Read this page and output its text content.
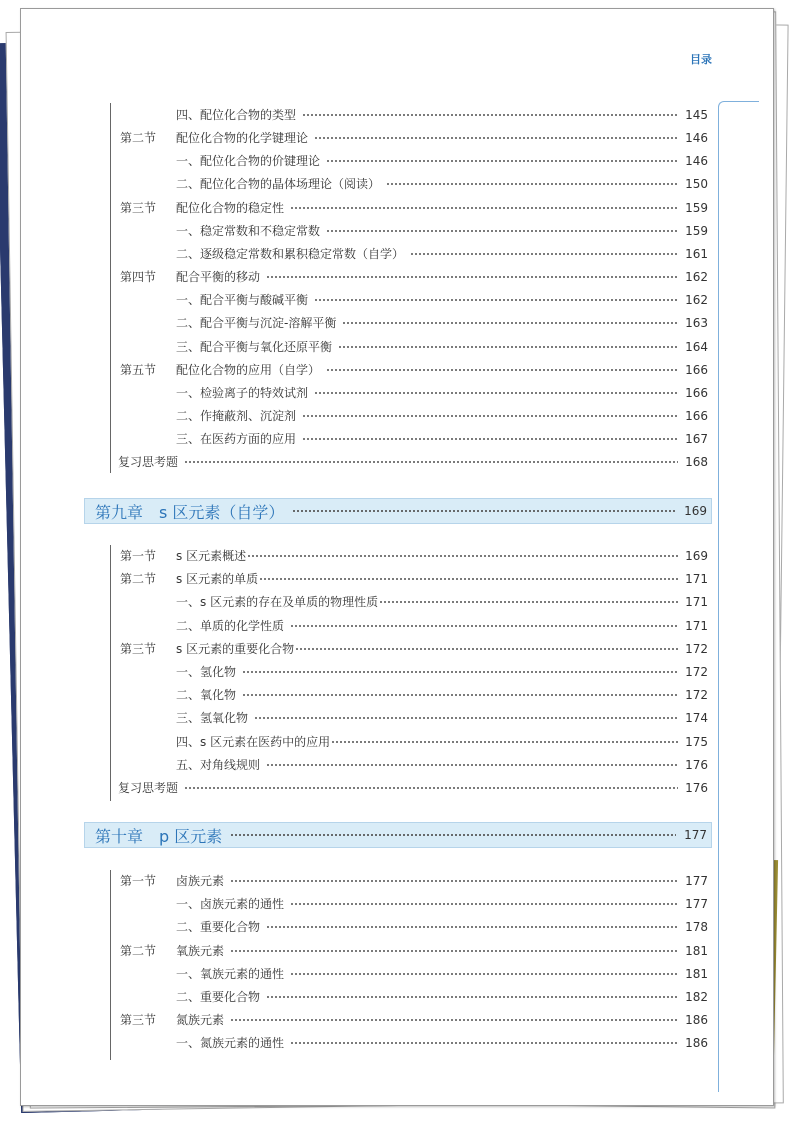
目录
第九章　s 区元素（自学）	169
第十章　p 区元素	177
四、配位化合物的类型	145
第二节	配位化合物的化学键理论	146
一、配位化合物的价键理论	146
二、配位化合物的晶体场理论（阅读）	150
第三节	配位化合物的稳定性	159
一、稳定常数和不稳定常数	159
二、逐级稳定常数和累积稳定常数（自学）	161
第四节	配合平衡的移动	162
一、配合平衡与酸碱平衡	162
二、配合平衡与沉淀-溶解平衡	163
三、配合平衡与氧化还原平衡	164
第五节	配位化合物的应用（自学）	166
一、检验离子的特效试剂	166
二、作掩蔽剂、沉淀剂	166
三、在医药方面的应用	167
复习思考题	168
第一节	s 区元素概述	169
第二节	s 区元素的单质	171
一、s 区元素的存在及单质的物理性质	171
二、单质的化学性质	171
第三节	s 区元素的重要化合物	172
一、氢化物	172
二、氧化物	172
三、氢氧化物	174
四、s 区元素在医药中的应用	175
五、对角线规则	176
复习思考题	176
第一节	卤族元素	177
一、卤族元素的通性	177
二、重要化合物	178
第二节	氧族元素	181
一、氧族元素的通性	181
二、重要化合物	182
第三节	氮族元素	186
一、氮族元素的通性	186
